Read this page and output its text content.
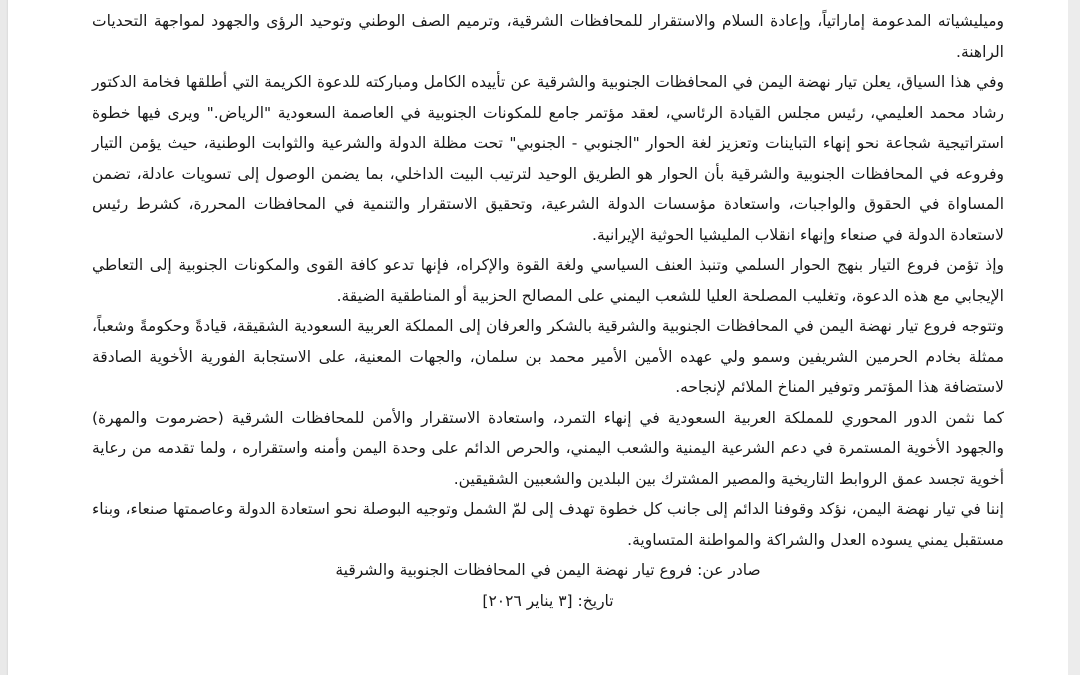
وميليشياته المدعومة إماراتياً، وإعادة السلام والاستقرار للمحافظات الشرقية، وترميم الصف الوطني وتوحيد الرؤى والجهود لمواجهة التحديات الراهنة.

وفي هذا السياق، يعلن تيار نهضة اليمن في المحافظات الجنوبية والشرقية عن تأييده الكامل ومباركته للدعوة الكريمة التي أطلقها فخامة الدكتور رشاد محمد العليمي، رئيس مجلس القيادة الرئاسي، لعقد مؤتمر جامع للمكونات الجنوبية في العاصمة السعودية "الرياض." ويرى فيها خطوة استراتيجية شجاعة نحو إنهاء التباينات وتعزيز لغة الحوار "الجنوبي - الجنوبي" تحت مظلة الدولة والشرعية والثوابت الوطنية، حيث يؤمن التيار وفروعه في المحافظات الجنوبية والشرقية بأن الحوار هو الطريق الوحيد لترتيب البيت الداخلي، بما يضمن الوصول إلى تسويات عادلة، تضمن المساواة في الحقوق والواجبات، واستعادة مؤسسات الدولة الشرعية، وتحقيق الاستقرار والتنمية في المحافظات المحررة، كشرط رئيس لاستعادة الدولة في صنعاء وإنهاء انقلاب المليشيا الحوثية الإيرانية.

وإذ تؤمن فروع التيار بنهج الحوار السلمي وتنبذ العنف السياسي ولغة القوة والإكراه، فإنها تدعو كافة القوى والمكونات الجنوبية إلى التعاطي الإيجابي مع هذه الدعوة، وتغليب المصلحة العليا للشعب اليمني على المصالح الحزبية أو المناطقية الضيقة.

وتتوجه فروع تيار نهضة اليمن في المحافظات الجنوبية والشرقية بالشكر والعرفان إلى المملكة العربية السعودية الشقيقة، قيادةً وحكومةً وشعباً، ممثلة بخادم الحرمين الشريفين وسمو ولي عهده الأمين الأمير محمد بن سلمان، والجهات المعنية، على الاستجابة الفورية الأخوية الصادقة لاستضافة هذا المؤتمر وتوفير المناخ الملائم لإنجاحه.

كما نثمن الدور المحوري للمملكة العربية السعودية في إنهاء التمرد، واستعادة الاستقرار والأمن للمحافظات الشرقية (حضرموت والمهرة) والجهود الأخوية المستمرة في دعم الشرعية اليمنية والشعب اليمني، والحرص الدائم على وحدة اليمن وأمنه واستقراره ، ولما تقدمه من رعاية أخوية تجسد عمق الروابط التاريخية والمصير المشترك بين البلدين والشعبين الشقيقين.

إننا في تيار نهضة اليمن، نؤكد وقوفنا الدائم إلى جانب كل خطوة تهدف إلى لمّ الشمل وتوجيه البوصلة نحو استعادة الدولة وعاصمتها صنعاء، وبناء مستقبل يمني يسوده العدل والشراكة والمواطنة المتساوية.

صادر عن: فروع تيار نهضة اليمن في المحافظات الجنوبية والشرقية

تاريخ: [٣ يناير ٢٠٢٦]
